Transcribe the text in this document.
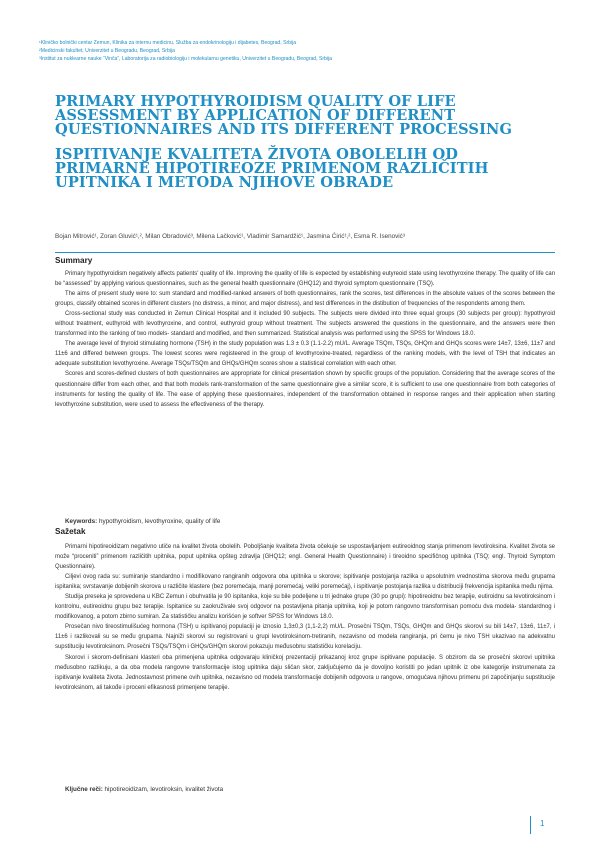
¹Kliničko bolnički centar Zemun, Klinika za internu medicinu, Služba za endokrinologiju i dijabetes, Beograd, Srbija
²Medicinski fakultet, Univerzitet u Beogradu, Beograd, Srbija
³Institut za nuklearne nauke “Vinča”, Laboratorija za radiobiologiju i molekularnu genetiku, Univerzitet u Beogradu, Beograd, Srbija
PRIMARY HYPOTHYROIDISM QUALITY OF LIFE ASSESSMENT BY APPLICATION OF DIFFERENT QUESTIONNAIRES AND ITS DIFFERENT PROCESSING
ISPITIVANJE KVALITETA ŽIVOTA OBOLELIH OD PRIMARNE HIPOTIREOZE PRIMENOM RAZLIČITIH UPITNIKA I METODA NJIHOVE OBRADE
Bojan Mitrović¹, Zoran Gluvić¹,², Milan Obradović³, Milena Lačković¹, Vladimir Samardžić¹, Jasmina Ćirić¹,², Esma R. Isenović³
Summary

Primary hypothyroidism negatively affects patients' quality of life. Improving the quality of life is expected by establishing eutyreoid state using levothyroxine therapy. The quality of life can be “assessed” by applying various questionnaires, such as the general health questionnaire (GHQ12) and thyroid symptom questionnaire (TSQ).

The aims of present study were to: sum standard and modified-ranked answers of both questionnaires, rank the scores, test differences in the absolute values of the scores between the groups, classify obtained scores in different clusters (no distress, a minor, and major distress), and test differences in the distibution of frequencies of the respondents among them.

Cross-sectional study was conducted in Zemun Clinical Hospital and it included 90 subjects. The subjects were divided into three equal groups (30 subjects per group): hypothyroid without treatment, euthyroid with levothyroxine, and control, euthyroid group without treatment. The subjects answered the questions in the questionnaire, and the answers were then transformed into the ranking of two models- standard and modified, and then summarized. Statistical analysis was performed using the SPSS for Windows 18.0.

The average level of thyroid stimulating hormone (TSH) in the study population was 1.3 ± 0.3 (1.1-2.2) mU/L. Average TSQm, TSQs, GHQm and GHQs scores were 14±7, 13±6, 11±7 and 11±6 and differed between groups. The lowest scores were registeered in the group of levothyroxine-treated, regardless of the ranking models, with the level of TSH that indicates an adequate substitution levothyroxine. Average TSQs/TSQm and GHQs/GHQm scores show a statistical correlation with each other.

Scores and scores-defined clusters of both questionnaires are appropriate for clinical presentation shown by specific groups of the population. Considering that the average scores of the questionnaire differ from each other, and that both models rank-transformation of the same questionnaire give a similar score, it is sufficient to use one questionnaire from both categories of instruments for testing the quality of life. The ease of applying these questionnaires, independent of the transformation obtained in response ranges and their application when starting levothyroxine substitution, were used to assess the effectiveness of the therapy.

Keywords: hypothyroidism, levothyroxine, quality of life
Sažetak

Primarni hipotireoidizam negativno utiče na kvalitet života obolelih. Poboljšanje kvaliteta života očekuje se uspostavljanjem eutireoidnog stanja primenom levotiroksina. Kvalitet života se može “proceniti” primenom različitih upitnika, poput upitnika opšteg zdravlja (GHQ12; engl. General Health Questionnaire) i tireoidno specifičnog upitnika (TSQ; engl. Thyroid Symptom Questionnaire).

Ciljevi ovog rada su: sumiranje standardno i modifikovano rangiranih odgovora oba upitnika u skorove; ispitivanje postojanja razlika u apsolutnim vrednostima skorova među grupama ispitanika; svrstavanje dobijenih skorova u različite klastere (bez poremećaja, manji poremećaj, veliki poremećaj), i ispitivanje postojanja razlika u distribuciji frekvencija ispitanika među njima.

Studija preseka je sprovedena u KBC Zemun i obuhvatila je 90 ispitanika, koje su bile podeljene u tri jednake grupe (30 po grupi): hipotireoidnu bez terapije, eutiroidnu sa levotiroksinom i kontrolnu, eutireoidnu grupu bez terapije. Ispitanice su zaokruživale svoj odgovor na postavljena pitanja upitnika, koji je potom rangovno transformisan pomoću dva modela- standardnog i modifikovanog, a potom zbirno sumiran. Za statističku analizu korišćen je softver SPSS for Windows 18.0.

Prosečan nivo tireostimulišućeg hormona (TSH) u ispitivanoj populaciji je iznosio 1,3±0,3 (1,1-2,2) mU/L. Prosečni TSQm, TSQs, GHQm and GHQs skorovi su bili 14±7, 13±6, 11±7, i 11±6 i razlikovali su se među grupama. Najniži skorovi su registrovani u grupi levotiroksinom-tretiranih, nezavisno od modela rangiranja, pri čemu je nivo TSH ukazivao na adekvatnu supstituciju levotiroksinom. Prosečni TSQs/TSQm i GHQs/GHQm skorovi pokazuju međusobnu statističku korelaciju.

Skorovi i skorom-definisani klasteri oba primenjena upitnika odgovaraju kliničkoj prezentaciji prikazanoj kroz grupe ispitivane populacije. S obzirom da se prosečni skorovi upitnika međusobno razlikuju, a da oba modela rangovne transformacije istog upitnika daju sličan skor, zaključujemo da je dovoljno koristiti po jedan upitnik iz obe kategorije instrumenata za ispitivanje kvaliteta života. Jednostavnost primene ovih upitnika, nezavisno od modela transformacije dobijenih odgovora u rangove, omogućava njihovu primenu pri započinjanju supstitucije levotiroksinom, ali takođe i proceni efikasnosti primenjene terapije.

Ključne reči: hipotireoidizam, levotiroksin, kvalitet života
1
